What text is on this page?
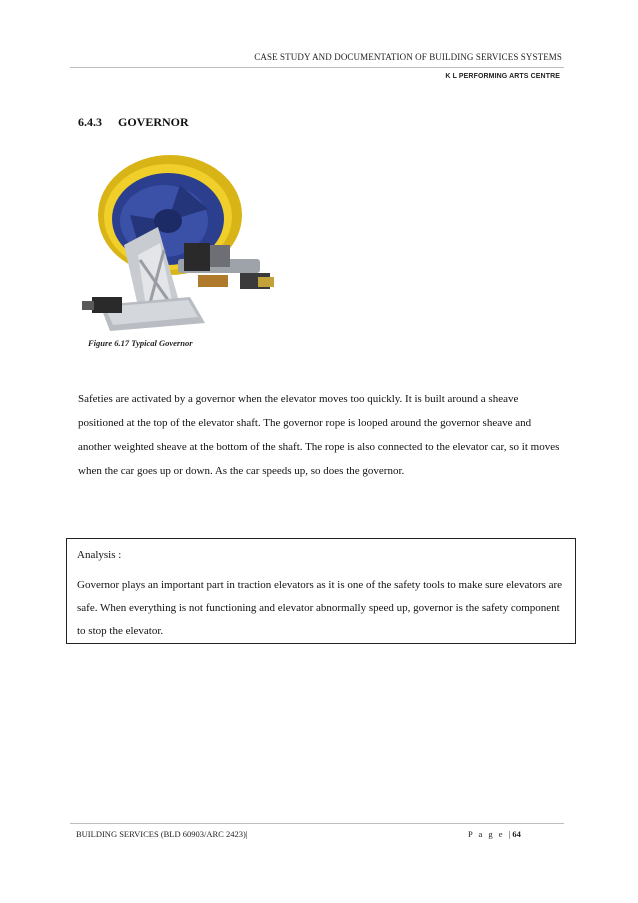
CASE STUDY AND DOCUMENTATION OF BUILDING SERVICES SYSTEMS
K L PERFORMING ARTS CENTRE
6.4.3 GOVERNOR
Figure 6.17 Typical Governor
Safeties are activated by a governor when the elevator moves too quickly. It is built around a sheave positioned at the top of the elevator shaft. The governor rope is looped around the governor sheave and another weighted sheave at the bottom of the shaft. The rope is also connected to the elevator car, so it moves when the car goes up or down. As the car speeds up, so does the governor.
Analysis :
Governor plays an important part in traction elevators as it is one of the safety tools to make sure elevators are safe. When everything is not functioning and elevator abnormally speed up, governor is the safety component to stop the elevator.
BUILDING SERVICES (BLD 60903/ARC 2423)|	P a g e |64
